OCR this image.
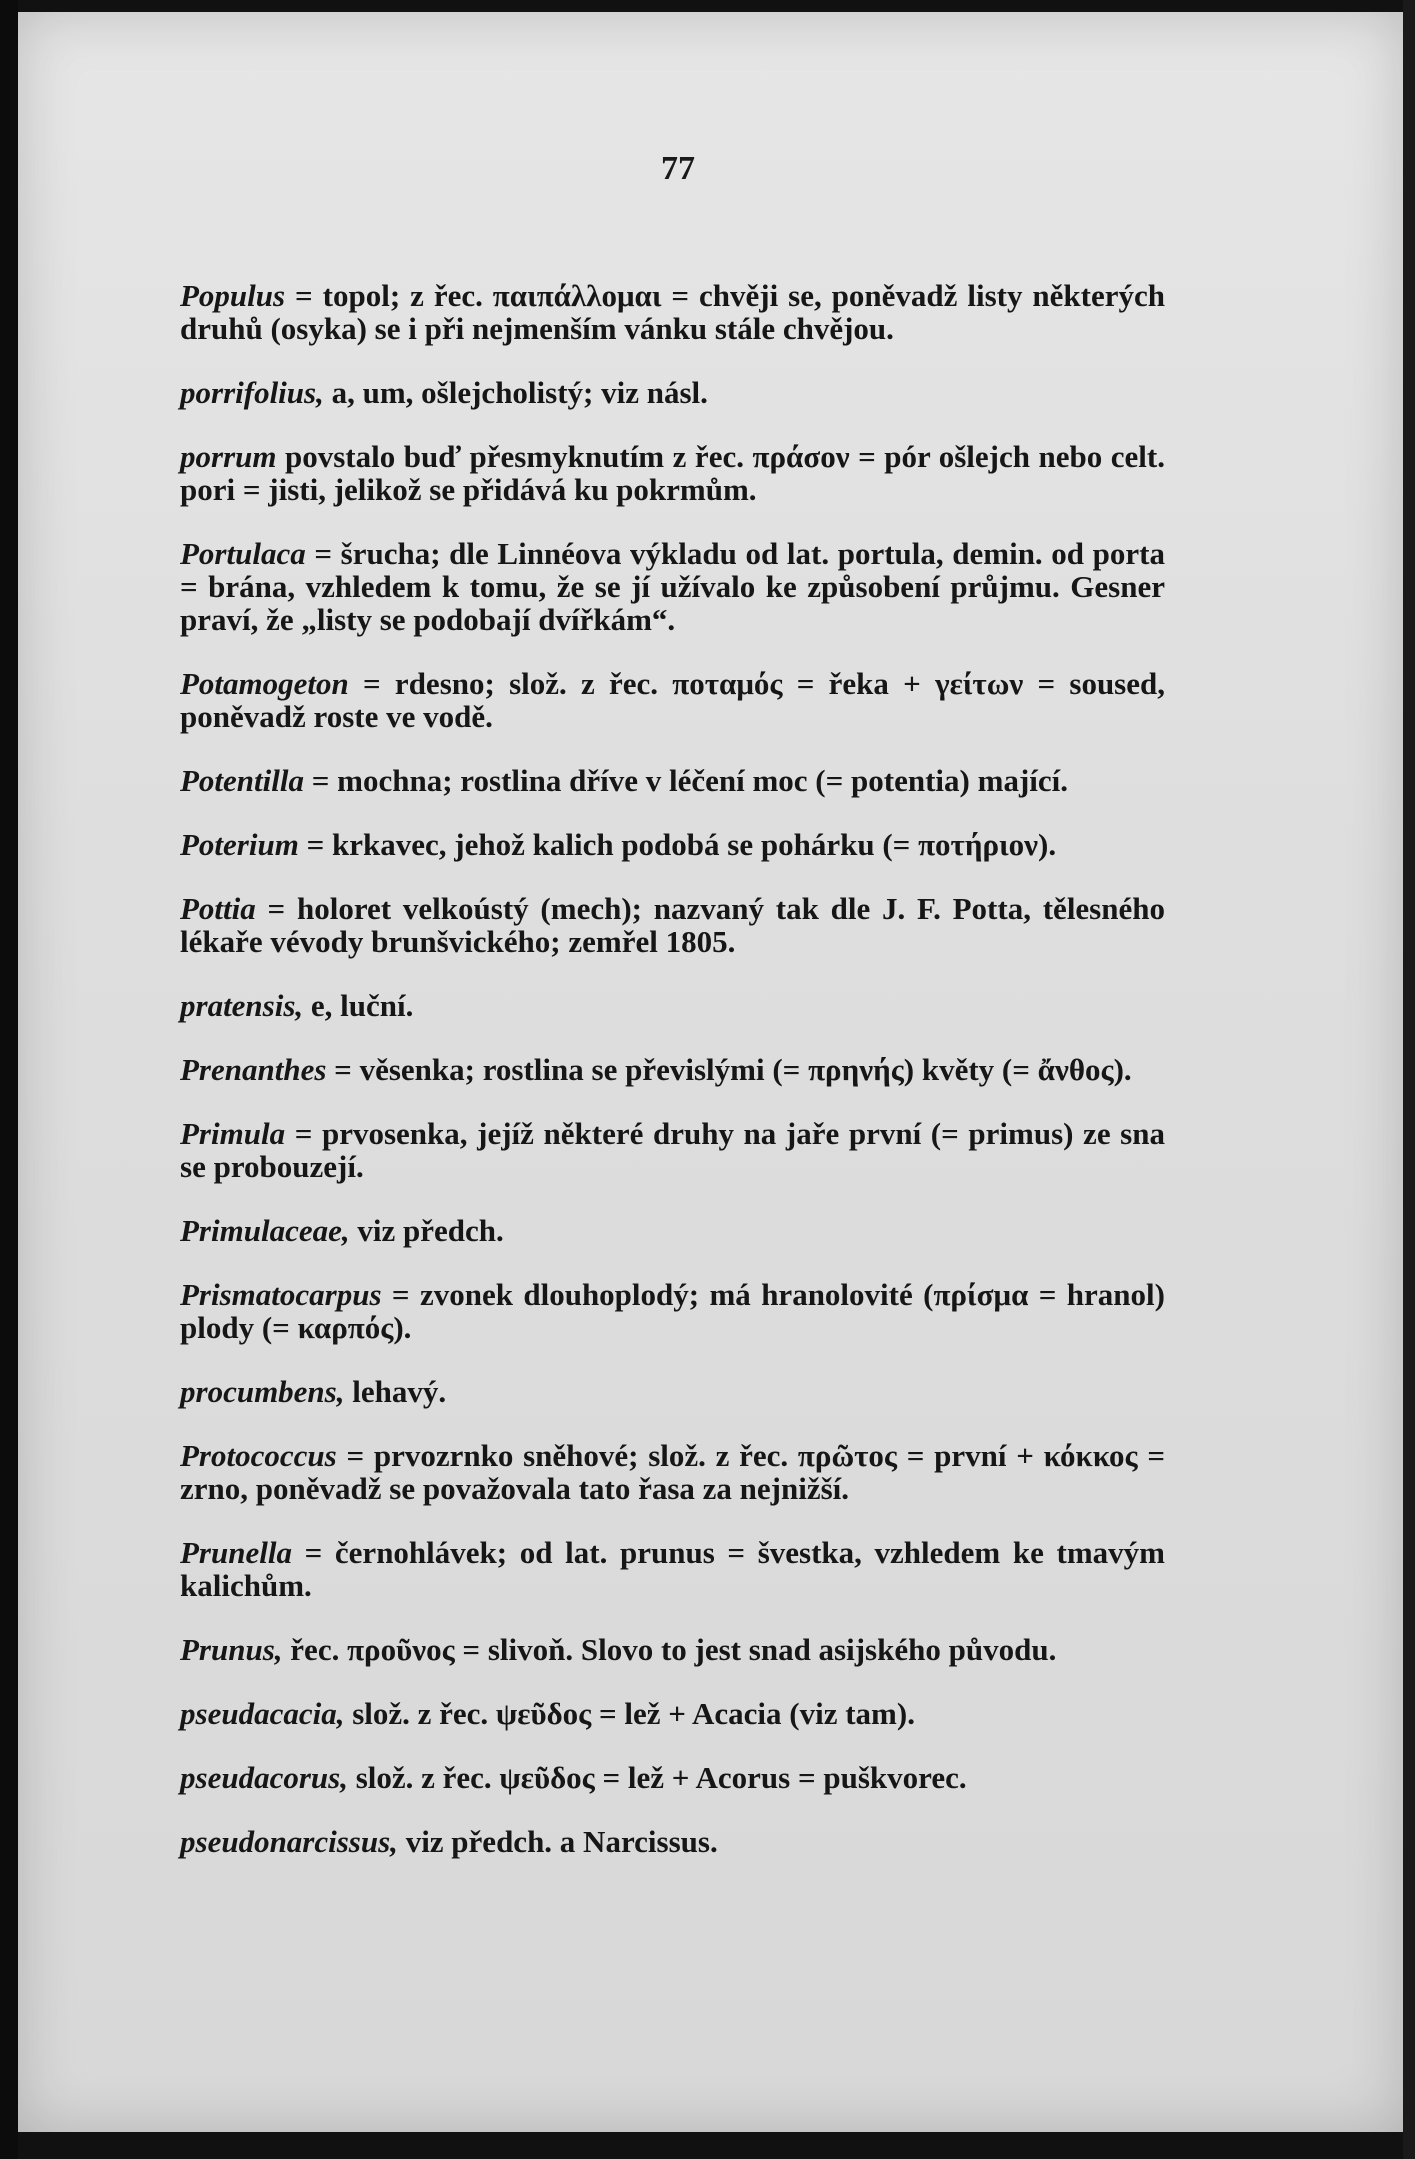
77

Populus = topol; z řec. παιπάλλομαι = chvěji se, poněvadž listy některých druhů (osyka) se i při nejmenším vánku stále chvějou.

porrifolius, a, um, ošlejcholistý; viz násl.

porrum povstalo buď přesmyknutím z řec. πράσον = pór ošlejch nebo celt. pori = jisti, jelikož se přidává ku pokrmům.

Portulaca = šrucha; dle Linnéova výkladu od lat. portula, demin. od porta = brána, vzhledem k tomu, že se jí užívalo ke způsobení průjmu. Gesner praví, že „listy se podobají dvířkám“.

Potamogeton = rdesno; slož. z řec. ποταμός = řeka + γείτων = soused, poněvadž roste ve vodě.

Potentilla = mochna; rostlina dříve v léčení moc (= potentia) mající.

Poterium = krkavec, jehož kalich podobá se pohárku (= ποτήριον).

Pottia = holoret velkoústý (mech); nazvaný tak dle J. F. Potta, tělesného lékaře vévody brunšvického; zemřel 1805.

pratensis, e, luční.

Prenanthes = věsenka; rostlina se převislými (= πρηνής) květy (= ἄνθος).

Primula = prvosenka, jejíž některé druhy na jaře první (= primus) ze sna se probouzejí.

Primulaceae, viz předch.

Prismatocarpus = zvonek dlouhoplodý; má hranolovité (πρίσμα = hranol) plody (= καρπός).

procumbens, lehavý.

Protococcus = prvozrnko sněhové; slož. z řec. πρῶτος = první + κόκκος = zrno, poněvadž se považovala tato řasa za nejnižší.

Prunella = černohlávek; od lat. prunus = švestka, vzhledem ke tmavým kalichům.

Prunus, řec. προῦνος = slivoň. Slovo to jest snad asijského původu.

pseudacacia, slož. z řec. ψεῦδος = lež + Acacia (viz tam).

pseudacorus, slož. z řec. ψεῦδος = lež + Acorus = puškvorec.

pseudonarcissus, viz předch. a Narcissus.
